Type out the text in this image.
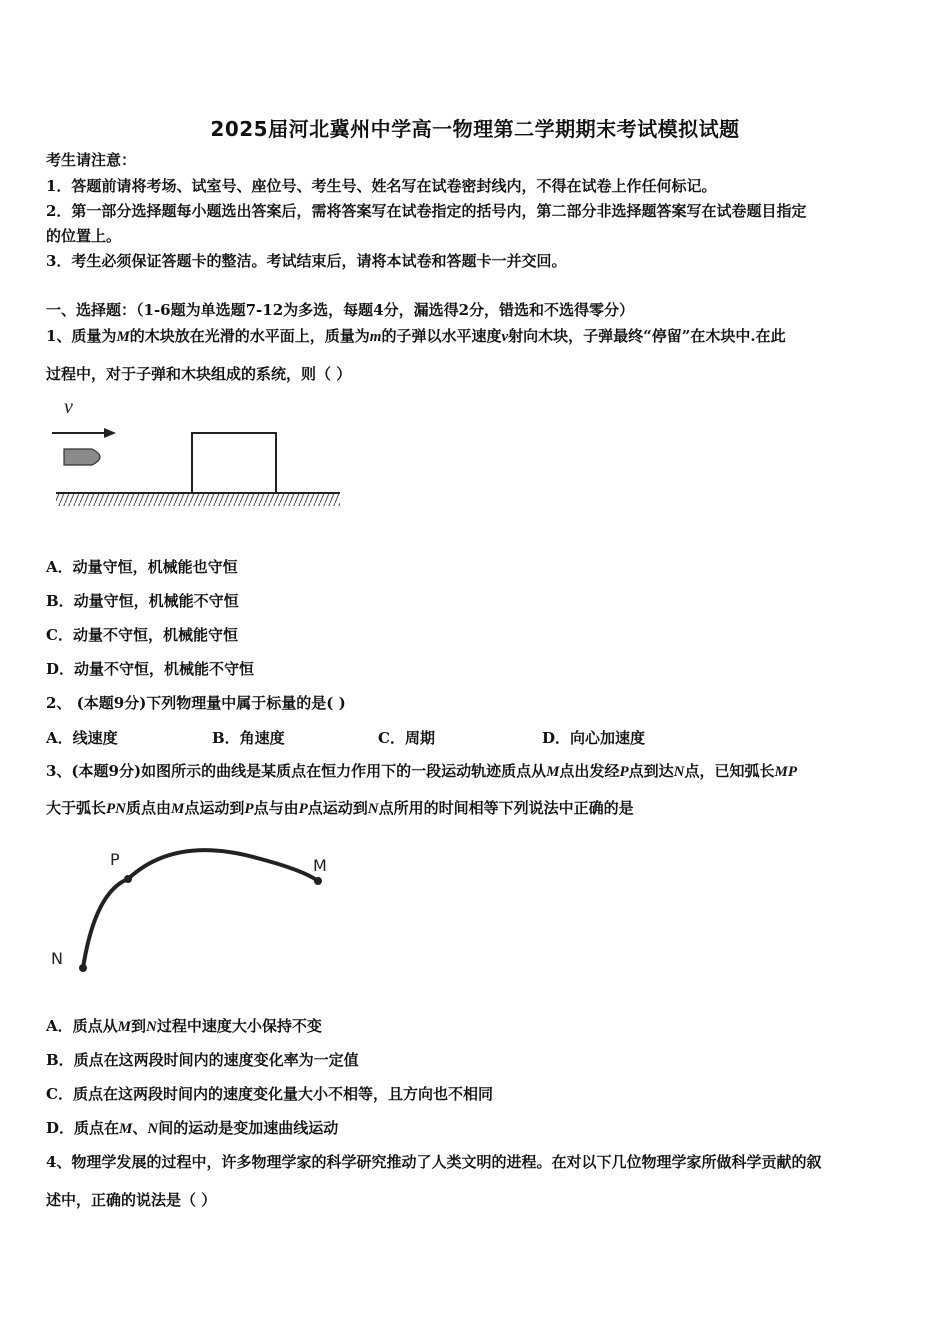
2025届河北冀州中学高一物理第二学期期末考试模拟试题
考生请注意：
1．答题前请将考场、试室号、座位号、考生号、姓名写在试卷密封线内，不得在试卷上作任何标记。
2．第一部分选择题每小题选出答案后，需将答案写在试卷指定的括号内，第二部分非选择题答案写在试卷题目指定
的位置上。
3．考生必须保证答题卡的整洁。考试结束后，请将本试卷和答题卡一并交回。
一、选择题：（1-6题为单选题7-12为多选，每题4分，漏选得2分，错选和不选得零分）
1、质量为M的木块放在光滑的水平面上，质量为m的子弹以水平速度v射向木块，子弹最终“停留”在木块中.在此
过程中，对于子弹和木块组成的系统，则（ ）
v
A．动量守恒，机械能也守恒
B．动量守恒，机械能不守恒
C．动量不守恒，机械能守恒
D．动量不守恒，机械能不守恒
2、 (本题9分)下列物理量中属于标量的是( )
A．线速度	B．角速度	C．周期	D．向心加速度
3、(本题9分)如图所示的曲线是某质点在恒力作用下的一段运动轨迹质点从M点出发经P点到达N点，已知弧长MP
大于弧长PN质点由M点运动到P点与由P点运动到N点所用的时间相等下列说法中正确的是
P	M
N
A．质点从M到N过程中速度大小保持不变
B．质点在这两段时间内的速度变化率为一定值
C．质点在这两段时间内的速度变化量大小不相等，且方向也不相同
D．质点在M、N间的运动是变加速曲线运动
4、物理学发展的过程中，许多物理学家的科学研究推动了人类文明的进程。在对以下几位物理学家所做科学贡献的叙
述中，正确的说法是（ ）
